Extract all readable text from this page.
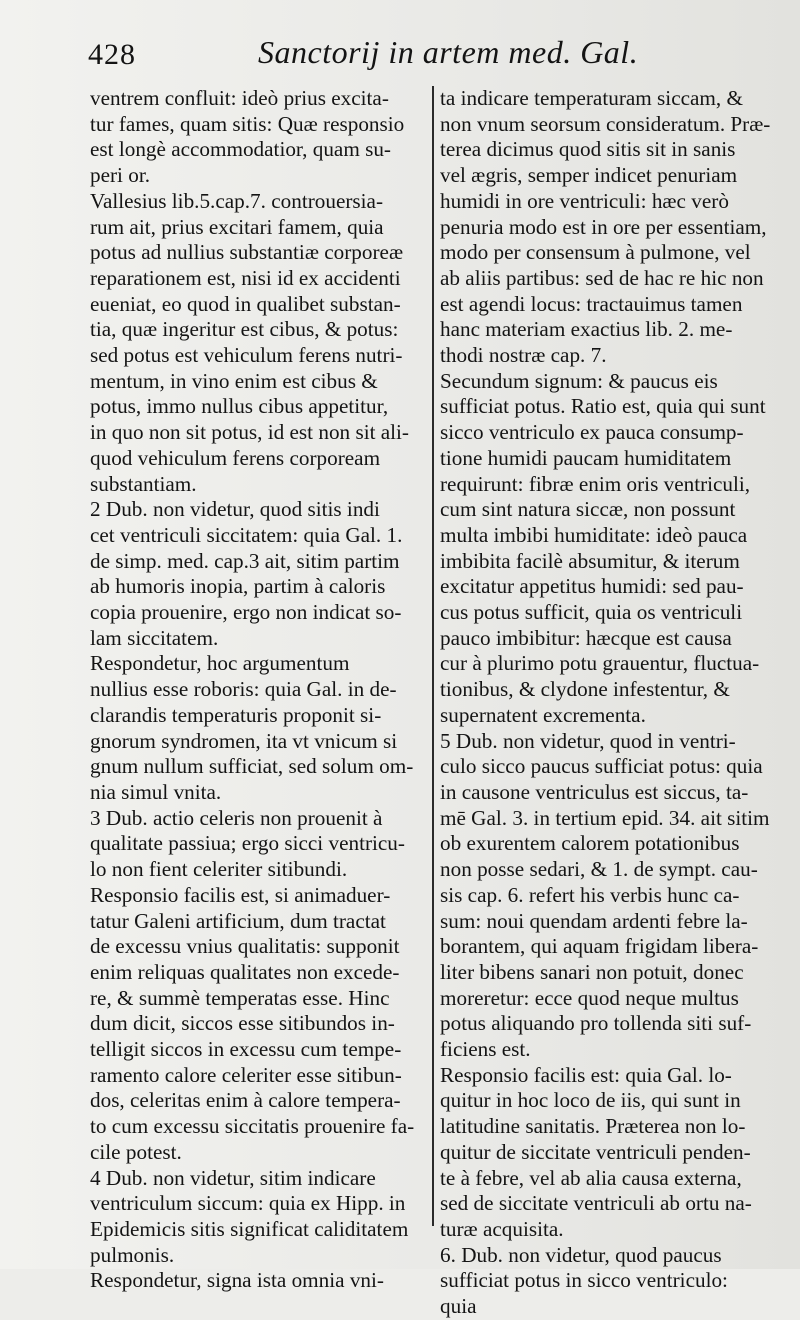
428	Sanctorij in artem med. Gal.
ventrem confluit: ideò prius excita-
tur fames, quam sitis: Quæ responsio
est longè accommodatior, quam su-
peri or.
Vallesius lib.5.cap.7. controuersia-
rum ait, prius excitari famem, quia
potus ad nullius substantiæ corporeæ
reparationem est, nisi id ex accidenti
eueniat, eo quod in qualibet substan-
tia, quæ ingeritur est cibus, & potus:
sed potus est vehiculum ferens nutri-
mentum, in vino enim est cibus &
potus, immo nullus cibus appetitur,
in quo non sit potus, id est non sit ali-
quod vehiculum ferens corpoream
substantiam.
2 Dub. non videtur, quod sitis indi
cet ventriculi siccitatem: quia Gal. 1.
de simp. med. cap.3 ait, sitim partim
ab humoris inopia, partim à caloris
copia prouenire, ergo non indicat so-
lam siccitatem.
Respondetur, hoc argumentum
nullius esse roboris: quia Gal. in de-
clarandis temperaturis proponit si-
gnorum syndromen, ita vt vnicum si
gnum nullum sufficiat, sed solum om-
nia simul vnita.
3 Dub. actio celeris non prouenit à
qualitate passiua; ergo sicci ventricu-
lo non fient celeriter sitibundi.
Responsio facilis est, si animaduer-
tatur Galeni artificium, dum tractat
de excessu vnius qualitatis: supponit
enim reliquas qualitates non excede-
re, & summè temperatas esse. Hinc
dum dicit, siccos esse sitibundos in-
telligit siccos in excessu cum tempe-
ramento calore celeriter esse sitibun-
dos, celeritas enim à calore tempera-
to cum excessu siccitatis prouenire fa-
cile potest.
4 Dub. non videtur, sitim indicare
ventriculum siccum: quia ex Hipp. in
Epidemicis sitis significat caliditatem
pulmonis.
Respondetur, signa ista omnia vni-
ta indicare temperaturam siccam, &
non vnum seorsum consideratum. Præ-
terea dicimus quod sitis sit in sanis
vel ægris, semper indicet penuriam
humidi in ore ventriculi: hæc verò
penuria modo est in ore per essentiam,
modo per consensum à pulmone, vel
ab aliis partibus: sed de hac re hic non
est agendi locus: tractauimus tamen
hanc materiam exactius lib. 2. me-
thodi nostræ cap. 7.
Secundum signum: & paucus eis
sufficiat potus. Ratio est, quia qui sunt
sicco ventriculo ex pauca consump-
tione humidi paucam humiditatem
requirunt: fibræ enim oris ventriculi,
cum sint natura siccæ, non possunt
multa imbibi humiditate: ideò pauca
imbibita facilè absumitur, & iterum
excitatur appetitus humidi: sed pau-
cus potus sufficit, quia os ventriculi
pauco imbibitur: hæcque est causa
cur à plurimo potu grauentur, fluctua-
tionibus, & clydone infestentur, &
supernatent excrementa.
5 Dub. non videtur, quod in ventri-
culo sicco paucus sufficiat potus: quia
in causone ventriculus est siccus, ta-
mē Gal. 3. in tertium epid. 34. ait sitim
ob exurentem calorem potationibus
non posse sedari, & 1. de sympt. cau-
sis cap. 6. refert his verbis hunc ca-
sum: noui quendam ardenti febre la-
borantem, qui aquam frigidam libera-
liter bibens sanari non potuit, donec
moreretur: ecce quod neque multus
potus aliquando pro tollenda siti suf-
ficiens est.
Responsio facilis est: quia Gal. lo-
quitur in hoc loco de iis, qui sunt in
latitudine sanitatis. Præterea non lo-
quitur de siccitate ventriculi penden-
te à febre, vel ab alia causa externa,
sed de siccitate ventriculi ab ortu na-
turæ acquisita.
6. Dub. non videtur, quod paucus
sufficiat potus in sicco ventriculo:
quia
